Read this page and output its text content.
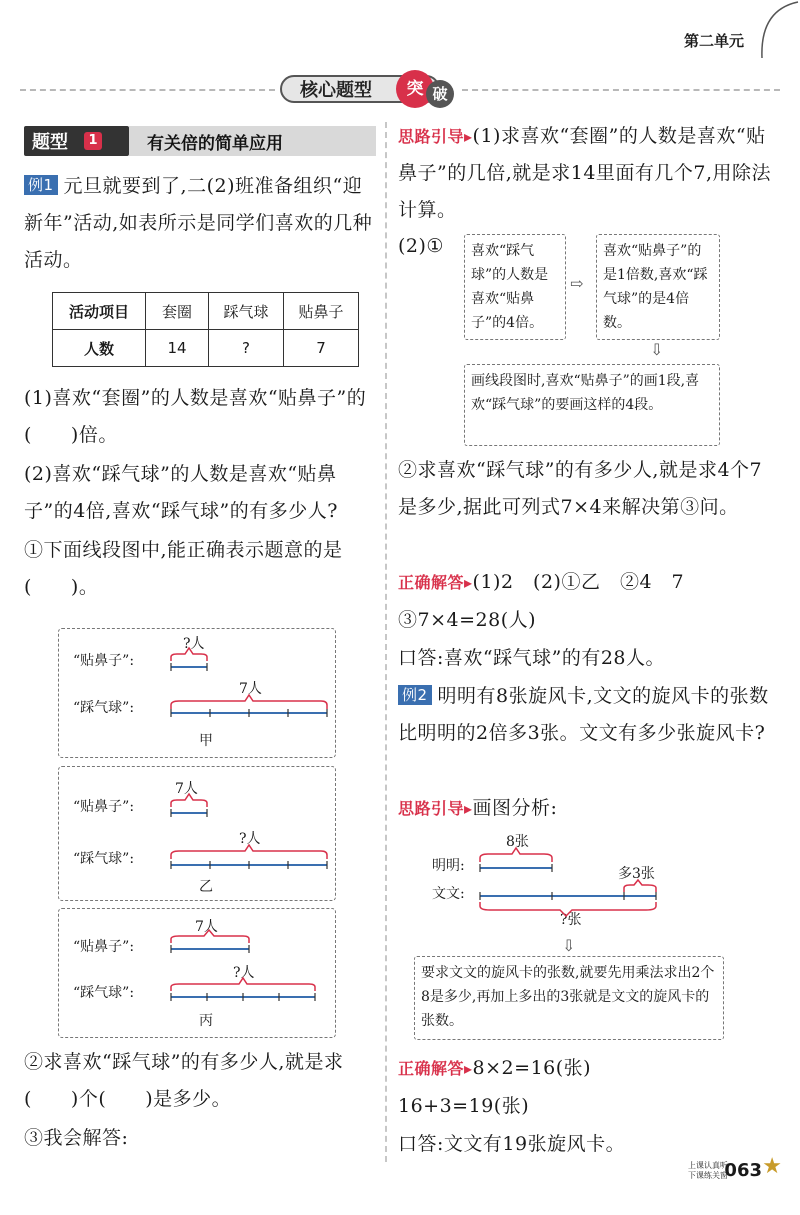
第二单元
核心题型	突 破
题型	1	有关倍的简单应用
例1 元旦就要到了,二(2)班准备组织“迎新年”活动,如表所示是同学们喜欢的几种活动。
活动项目	套圈	踩气球	贴鼻子
人数	14	?	7
(1)喜欢“套圈”的人数是喜欢“贴鼻子”的(　　)倍。
(2)喜欢“踩气球”的人数是喜欢“贴鼻子”的4倍,喜欢“踩气球”的有多少人?
①下面线段图中,能正确表示题意的是(　　)。
“贴鼻子”:
?人
“踩气球”:
7人
甲
“贴鼻子”:
7人
“踩气球”:
?人
乙
“贴鼻子”:
7人
“踩气球”:
?人
丙
②求喜欢“踩气球”的有多少人,就是求(　　)个(　　)是多少。
③我会解答:
思路引导▸(1)求喜欢“套圈”的人数是喜欢“贴鼻子”的几倍,就是求14里面有几个7,用除法计算。
(2)①	喜欢“踩气球”的人数是喜欢“贴鼻子”的4倍。
⇨
喜欢“贴鼻子”的是1倍数,喜欢“踩气球”的是4倍数。
⇩
画线段图时,喜欢“贴鼻子”的画1段,喜欢“踩气球”的要画这样的4段。
②求喜欢“踩气球”的有多少人,就是求4个7是多少,据此可列式7×4来解决第③问。
正确解答▸(1)2　(2)①乙　②4　7
③7×4=28(人)
口答:喜欢“踩气球”的有28人。
例2 明明有8张旋风卡,文文的旋风卡的张数比明明的2倍多3张。文文有多少张旋风卡?
思路引导▸画图分析:
8张
明明:
文文:
多3张
?张
⇩
要求文文的旋风卡的张数,就要先用乘法求出2个8是多少,再加上多出的3张就是文文的旋风卡的张数。
正确解答▸8×2=16(张)
16+3=19(张)
口答:文文有19张旋风卡。
上课认真听
下课练关窗
063 ★
